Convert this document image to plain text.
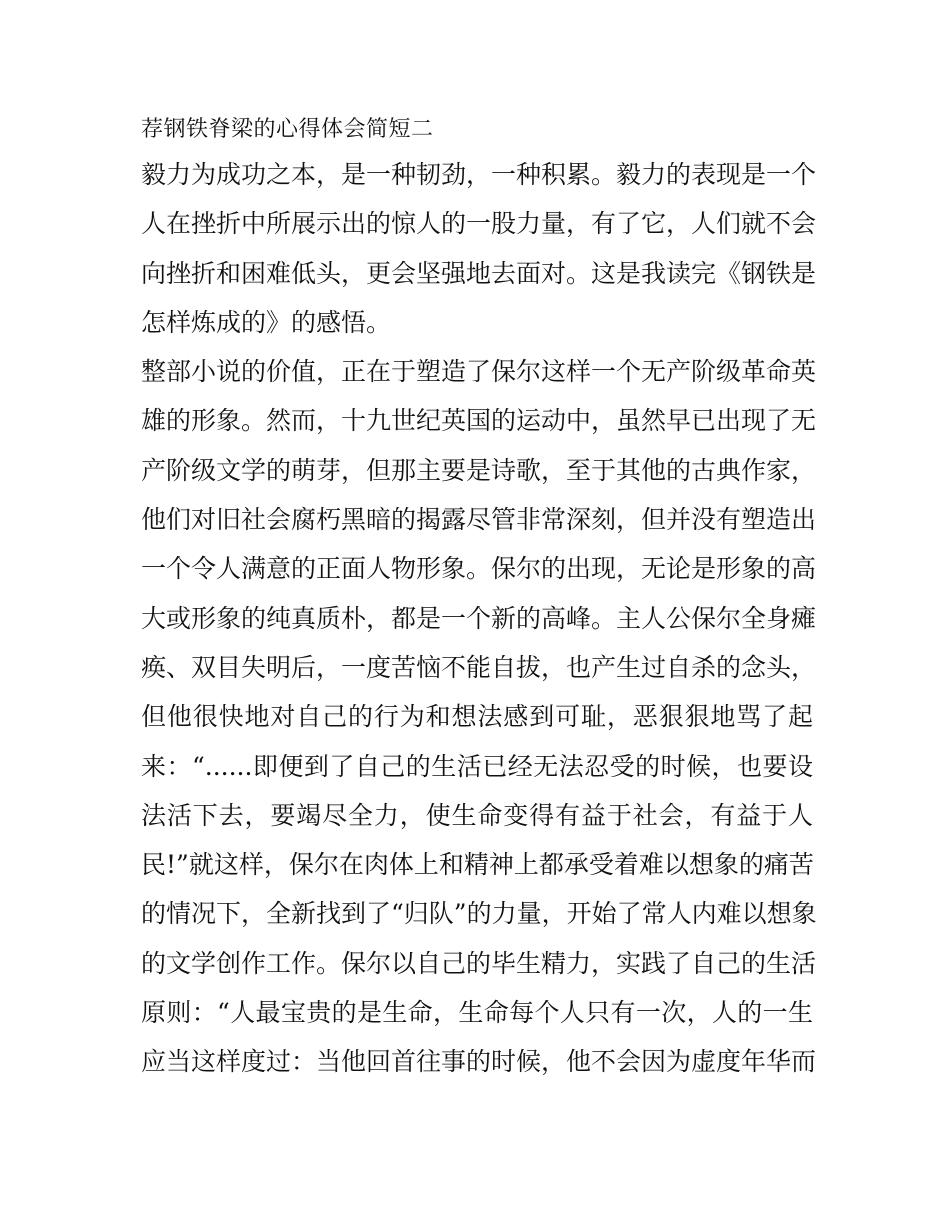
荐钢铁脊梁的心得体会简短二
毅力为成功之本，是一种韧劲，一种积累。毅力的表现是一个
人在挫折中所展示出的惊人的一股力量，有了它，人们就不会
向挫折和困难低头，更会坚强地去面对。这是我读完《钢铁是
怎样炼成的》的感悟。
整部小说的价值，正在于塑造了保尔这样一个无产阶级革命英
雄的形象。然而，十九世纪英国的运动中，虽然早已出现了无
产阶级文学的萌芽，但那主要是诗歌，至于其他的古典作家，
他们对旧社会腐朽黑暗的揭露尽管非常深刻，但并没有塑造出
一个令人满意的正面人物形象。保尔的出现，无论是形象的高
大或形象的纯真质朴，都是一个新的高峰。主人公保尔全身瘫
痪、双目失明后，一度苦恼不能自拔，也产生过自杀的念头，
但他很快地对自己的行为和想法感到可耻，恶狠狠地骂了起
来：“......即便到了自己的生活已经无法忍受的时候，也要设
法活下去，要竭尽全力，使生命变得有益于社会，有益于人
民!”就这样，保尔在肉体上和精神上都承受着难以想象的痛苦
的情况下，全新找到了“归队”的力量，开始了常人内难以想象
的文学创作工作。保尔以自己的毕生精力，实践了自己的生活
原则：“人最宝贵的是生命，生命每个人只有一次，人的一生
应当这样度过：当他回首往事的时候，他不会因为虚度年华而
